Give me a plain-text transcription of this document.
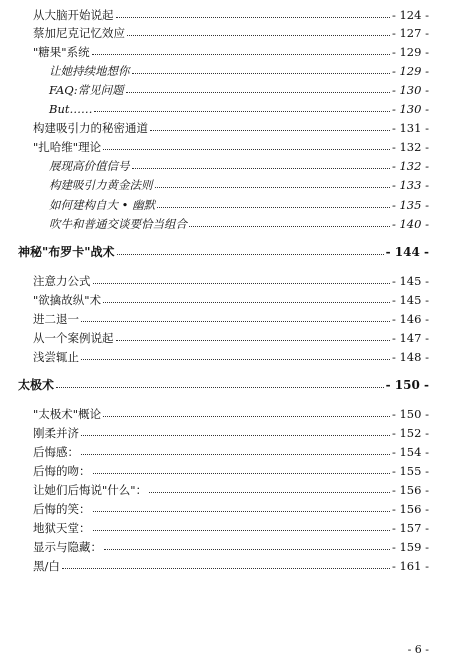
从大脑开始说起	- 124 -
蔡加尼克记忆效应	- 127 -
"糖果"系统	- 129 -
让她持续地想你	- 129 -
FAQ:常见问题	- 130 -
But……	- 130 -
构建吸引力的秘密通道	- 131 -
"扎哈维"理论	- 132 -
展现高价值信号	- 132 -
构建吸引力黄金法则	- 133 -
如何建构自大 • 幽默	- 135 -
吹牛和普通交谈要恰当组合	- 140 -
神秘"布罗卡"战术	- 144 -
注意力公式	- 145 -
"欲擒故纵"术	- 145 -
进二退一	- 146 -
从一个案例说起	- 147 -
浅尝辄止	- 148 -
太极术	- 150 -
"太极术"概论	- 150 -
刚柔并济	- 152 -
后悔感：	- 154 -
后悔的吻：	- 155 -
让她们后悔说"什么"：	- 156 -
后悔的笑：	- 156 -
地狱天堂：	- 157 -
显示与隐藏：	- 159 -
黑/白	- 161 -
- 6 -
